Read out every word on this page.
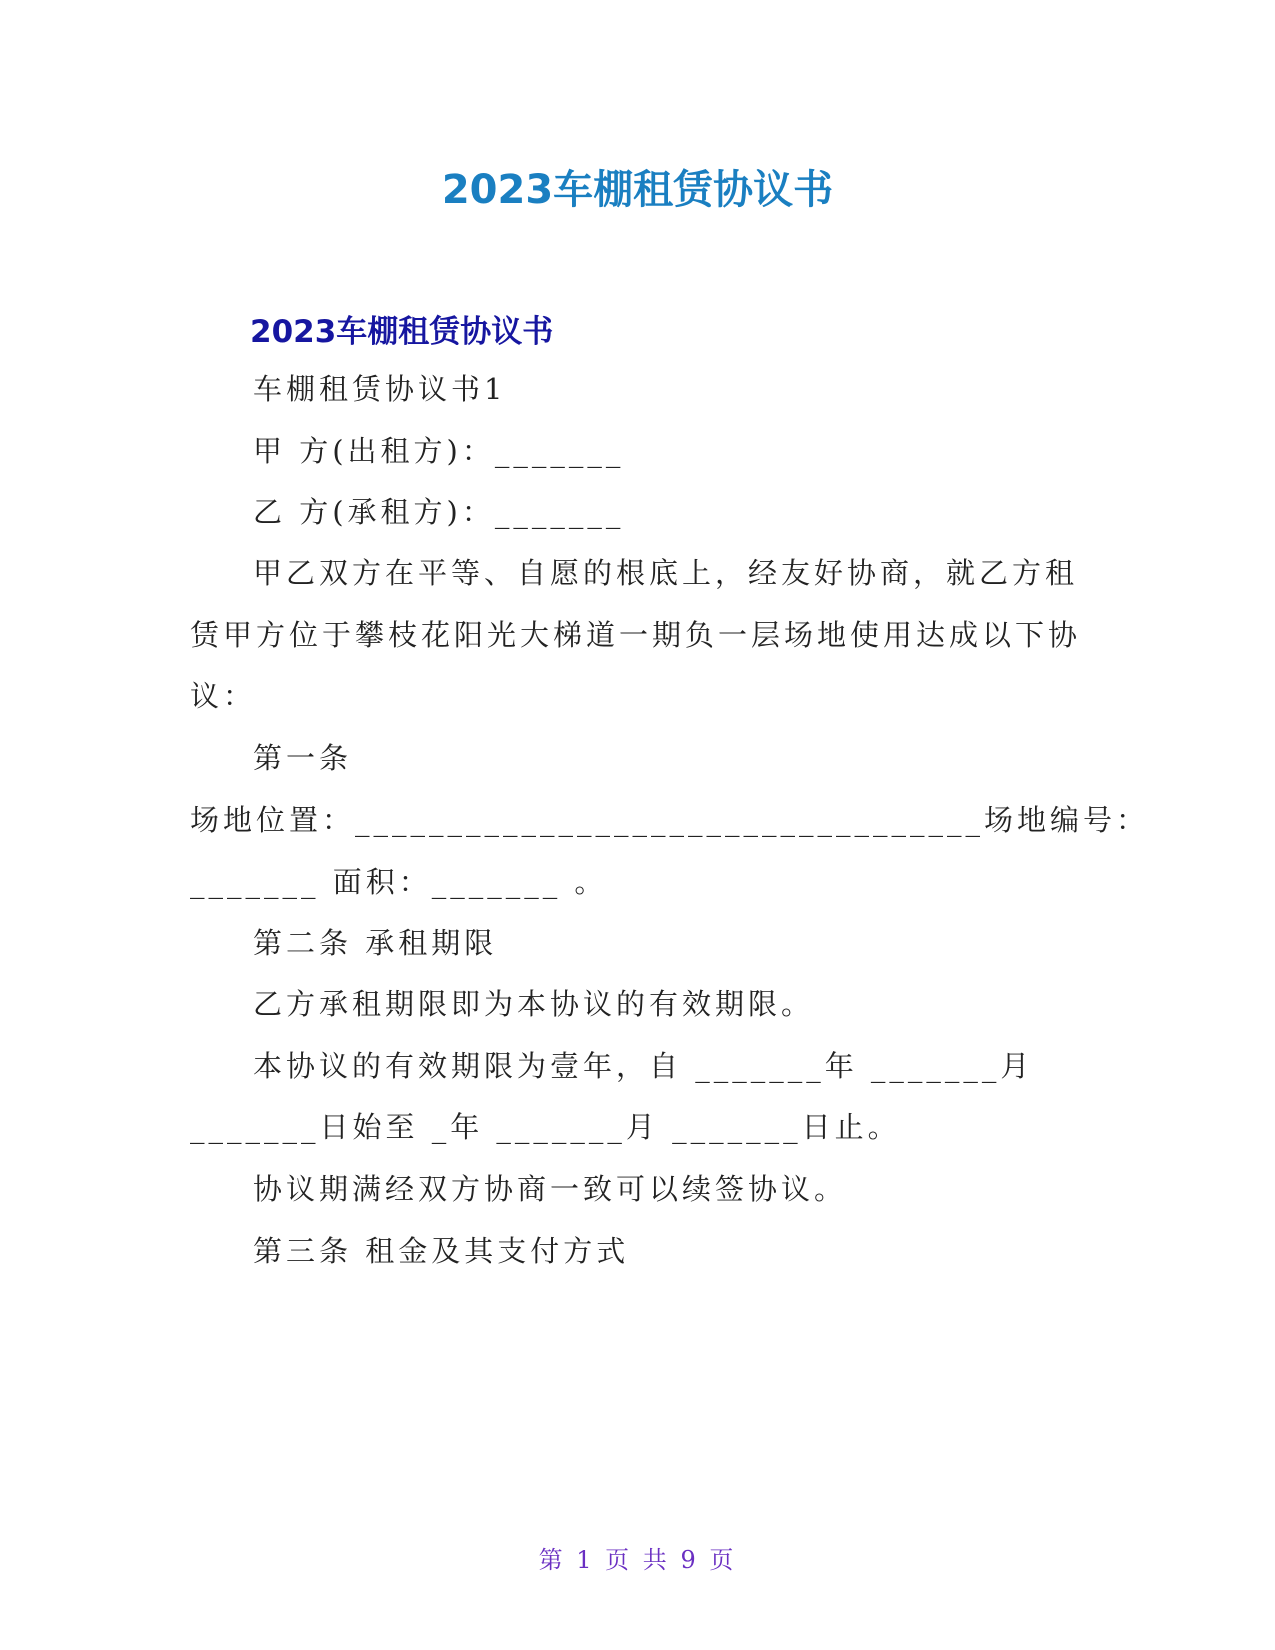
2023车棚租赁协议书
2023车棚租赁协议书
车棚租赁协议书1
甲 方(出租方)：_______
乙 方(承租方)：_______
甲乙双方在平等、自愿的根底上，经友好协商，就乙方租
赁甲方位于攀枝花阳光大梯道一期负一层场地使用达成以下协
议：
第一条
场地位置：__________________________________场地编号：
_______ 面积：_______ 。
第二条 承租期限
乙方承租期限即为本协议的有效期限。
本协议的有效期限为壹年，自 _______年 _______月
_______日始至 _年 _______月 _______日止。
协议期满经双方协商一致可以续签协议。
第三条 租金及其支付方式
第 1 页 共 9 页
